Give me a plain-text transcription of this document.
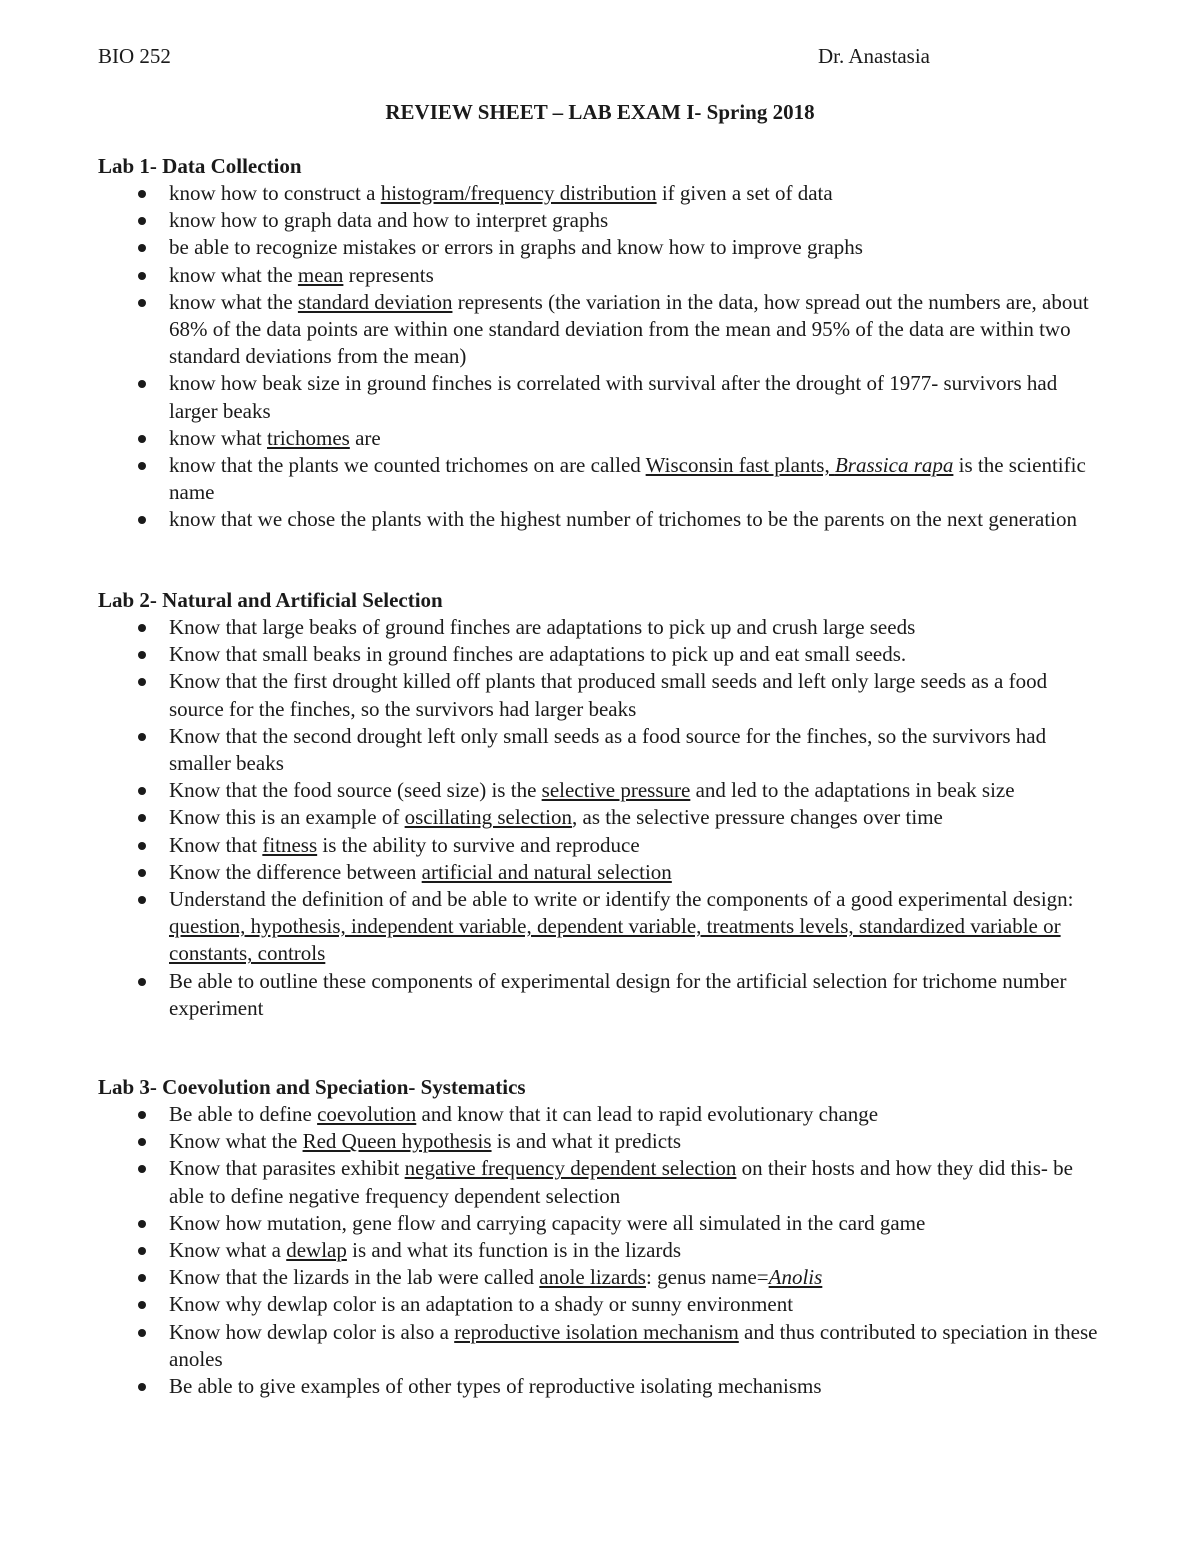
BIO 252	Dr. Anastasia
REVIEW SHEET – LAB EXAM I- Spring 2018
Lab 1- Data Collection
know how to construct a histogram/frequency distribution if given a set of data
know how to graph data and how to interpret graphs
be able to recognize mistakes or errors in graphs and know how to improve graphs
know what the mean represents
know what the standard deviation represents (the variation in the data, how spread out the numbers are, about 68% of the data points are within one standard deviation from the mean and 95% of the data are within two standard deviations from the mean)
know how beak size in ground finches is correlated with survival after the drought of 1977- survivors had larger beaks
know what trichomes are
know that the plants we counted trichomes on are called Wisconsin fast plants, Brassica rapa is the scientific name
know that we chose the plants with the highest number of trichomes to be the parents on the next generation
Lab 2- Natural and Artificial Selection
Know that large beaks of ground finches are adaptations to pick up and crush large seeds
Know that small beaks in ground finches are adaptations to pick up and eat small seeds.
Know that the first drought killed off plants that produced small seeds and left only large seeds as a food source for the finches, so the survivors had larger beaks
Know that the second drought left only small seeds as a food source for the finches, so the survivors had smaller beaks
Know that the food source (seed size) is the selective pressure and led to the adaptations in beak size
Know this is an example of oscillating selection, as the selective pressure changes over time
Know that fitness is the ability to survive and reproduce
Know the difference between artificial and natural selection
Understand the definition of and be able to write or identify the components of a good experimental design: question, hypothesis, independent variable, dependent variable, treatments levels, standardized variable or constants, controls
Be able to outline these components of experimental design for the artificial selection for trichome number experiment
Lab 3- Coevolution and Speciation- Systematics
Be able to define coevolution and know that it can lead to rapid evolutionary change
Know what the Red Queen hypothesis is and what it predicts
Know that parasites exhibit negative frequency dependent selection on their hosts and how they did this- be able to define negative frequency dependent selection
Know how mutation, gene flow and carrying capacity were all simulated in the card game
Know what a dewlap is and what its function is in the lizards
Know that the lizards in the lab were called anole lizards: genus name=Anolis
Know why dewlap color is an adaptation to a shady or sunny environment
Know how dewlap color is also a reproductive isolation mechanism and thus contributed to speciation in these anoles
Be able to give examples of other types of reproductive isolating mechanisms
